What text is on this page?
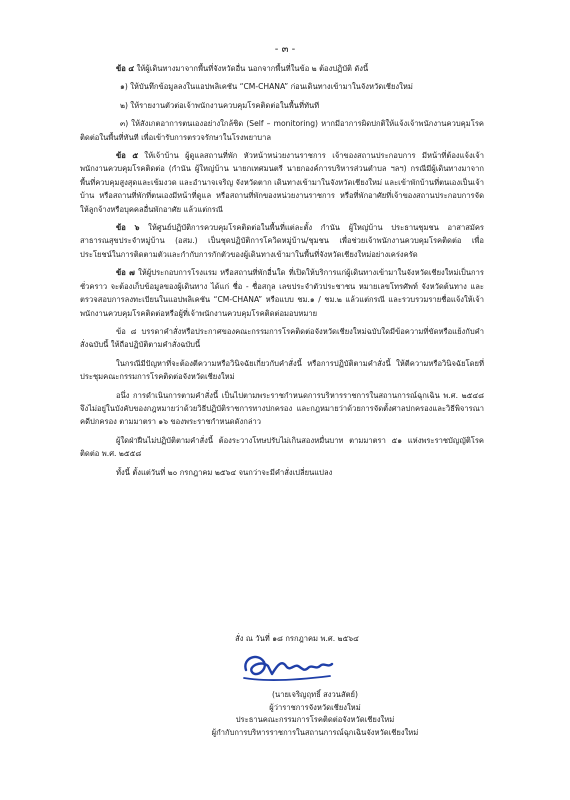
- ๓ -

ข้อ ๔ ให้ผู้เดินทางมาจากพื้นที่จังหวัดอื่น นอกจากพื้นที่ในข้อ ๒ ต้องปฏิบัติ ดังนี้

๑) ให้บันทึกข้อมูลลงในแอปพลิเคชัน “CM-CHANA” ก่อนเดินทางเข้ามาในจังหวัดเชียงใหม่

๒) ให้รายงานตัวต่อเจ้าพนักงานควบคุมโรคติดต่อในพื้นที่ทันที

๓) ให้สังเกตอาการตนเองอย่างใกล้ชิด (Self – monitoring) หากมีอาการผิดปกติให้แจ้งเจ้าพนักงานควบคุมโรคติดต่อในพื้นที่ทันที เพื่อเข้ารับการตรวจรักษาในโรงพยาบาล

ข้อ ๕ ให้เจ้าบ้าน ผู้ดูแลสถานที่พัก หัวหน้าหน่วยงานราชการ เจ้าของสถานประกอบการ มีหน้าที่ต้องแจ้งเจ้าพนักงานควบคุมโรคติดต่อ (กำนัน ผู้ใหญ่บ้าน นายกเทศมนตรี นายกองค์การบริหารส่วนตำบล ฯลฯ) กรณีมีผู้เดินทางมาจากพื้นที่ควบคุมสูงสุดและเข้มงวด และอำนาจเจริญ จังหวัดตาก เดินทางเข้ามาในจังหวัดเชียงใหม่ และเข้าพักบ้านที่ตนเองเป็นเจ้าบ้าน หรือสถานที่พักที่ตนเองมีหน้าที่ดูแล หรือสถานที่พักของหน่วยงานราชการ หรือที่พักอาศัยที่เจ้าของสถานประกอบการจัดให้ลูกจ้างหรือบุคคลอื่นพักอาศัย แล้วแต่กรณี

ข้อ ๖ ให้ศูนย์ปฏิบัติการควบคุมโรคติดต่อในพื้นที่แต่ละตั้ง กำนัน ผู้ใหญ่บ้าน ประธานชุมชน อาสาสมัครสาธารณสุขประจำหมู่บ้าน (อสม.) เป็นชุดปฏิบัติการโควิดหมู่บ้าน/ชุมชน เพื่อช่วยเจ้าพนักงานควบคุมโรคติดต่อ เพื่อประโยชน์ในการติดตามตัวและกำกับการกักตัวของผู้เดินทางเข้ามาในพื้นที่จังหวัดเชียงใหม่อย่างเคร่งครัด

ข้อ ๗ ให้ผู้ประกอบการโรงแรม หรือสถานที่พักอื่นใด ที่เปิดให้บริการแก่ผู้เดินทางเข้ามาในจังหวัดเชียงใหม่เป็นการชั่วคราว จะต้องเก็บข้อมูลของผู้เดินทาง ได้แก่ ชื่อ - ชื่อสกุล เลขประจำตัวประชาชน หมายเลขโทรศัพท์ จังหวัดต้นทาง และตรวจสอบการลงทะเบียนในแอปพลิเคชัน “CM-CHANA” หรือแบบ ชม.๑ / ชม.๒ แล้วแต่กรณี และรวบรวมรายชื่อแจ้งให้เจ้าพนักงานควบคุมโรคติดต่อหรือผู้ที่เจ้าพนักงานควบคุมโรคติดต่อมอบหมาย

ข้อ ๘ บรรดาคำสั่งหรือประกาศของคณะกรรมการโรคติดต่อจังหวัดเชียงใหม่ฉบับใดมีข้อความที่ขัดหรือแย้งกับคำสั่งฉบับนี้ ให้ถือปฏิบัติตามคำสั่งฉบับนี้

ในกรณีมีปัญหาที่จะต้องตีความหรือวินิจฉัยเกี่ยวกับคำสั่งนี้ หรือการปฏิบัติตามคำสั่งนี้ ให้ตีความหรือวินิจฉัยโดยที่ประชุมคณะกรรมการโรคติดต่อจังหวัดเชียงใหม่

อนึ่ง การดำเนินการตามคำสั่งนี้ เป็นไปตามพระราชกำหนดการบริหารราชการในสถานการณ์ฉุกเฉิน พ.ศ. ๒๕๔๘ จึงไม่อยู่ในบังคับของกฎหมายว่าด้วยวิธีปฏิบัติราชการทางปกครอง และกฎหมายว่าด้วยการจัดตั้งศาลปกครองและวิธีพิจารณาคดีปกครอง ตามมาตรา ๑๖ ของพระราชกำหนดดังกล่าว

ผู้ใดฝ่าฝืนไม่ปฏิบัติตามคำสั่งนี้ ต้องระวางโทษปรับไม่เกินสองหมื่นบาท ตามมาตรา ๕๑ แห่งพระราชบัญญัติโรคติดต่อ พ.ศ. ๒๕๕๘

ทั้งนี้ ตั้งแต่วันที่ ๒๐ กรกฎาคม ๒๕๖๔ จนกว่าจะมีคำสั่งเปลี่ยนแปลง

สั่ง ณ วันที่ ๑๘ กรกฎาคม พ.ศ. ๒๕๖๔
(นายเจริญฤทธิ์ สงวนสัตย์)
ผู้ว่าราชการจังหวัดเชียงใหม่
ประธานคณะกรรมการโรคติดต่อจังหวัดเชียงใหม่
ผู้กำกับการบริหารราชการในสถานการณ์ฉุกเฉินจังหวัดเชียงใหม่
